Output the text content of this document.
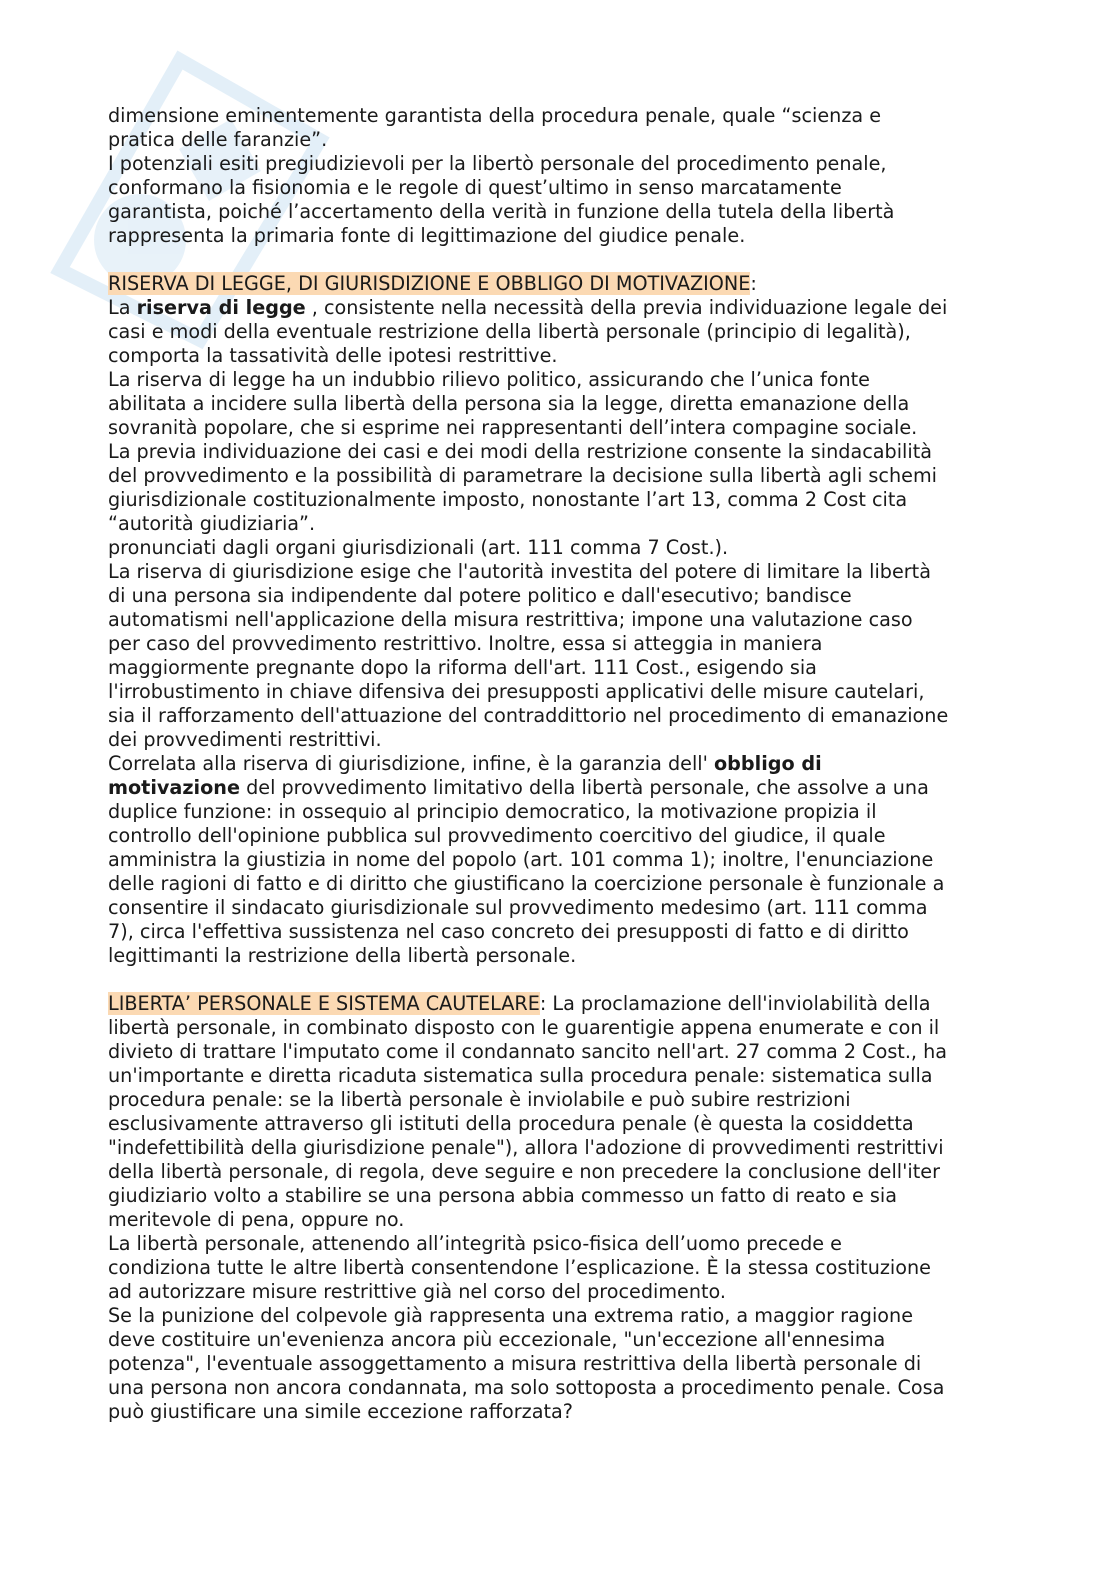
dimensione eminentemente garantista della procedura penale, quale “scienza e
pratica delle faranzie”.
I potenziali esiti pregiudizievoli per la libertò personale del procedimento penale,
conformano la fisionomia e le regole di quest’ultimo in senso marcatamente
garantista, poiché l’accertamento della verità in funzione della tutela della libertà
rappresenta la primaria fonte di legittimazione del giudice penale.
RISERVA DI LEGGE, DI GIURISDIZIONE E OBBLIGO DI MOTIVAZIONE:
La riserva di legge , consistente nella necessità della previa individuazione legale dei
casi e modi della eventuale restrizione della libertà personale (principio di legalità),
comporta la tassatività delle ipotesi restrittive.
La riserva di legge ha un indubbio rilievo politico, assicurando che l’unica fonte
abilitata a incidere sulla libertà della persona sia la legge, diretta emanazione della
sovranità popolare, che si esprime nei rappresentanti dell’intera compagine sociale.
La previa individuazione dei casi e dei modi della restrizione consente la sindacabilità
del provvedimento e la possibilità di parametrare la decisione sulla libertà agli schemi
giurisdizionale costituzionalmente imposto, nonostante l’art 13, comma 2 Cost cita
“autorità giudiziaria”.
pronunciati dagli organi giurisdizionali (art. 111 comma 7 Cost.).
La riserva di giurisdizione esige che l'autorità investita del potere di limitare la libertà
di una persona sia indipendente dal potere politico e dall'esecutivo; bandisce
automatismi nell'applicazione della misura restrittiva; impone una valutazione caso
per caso del provvedimento restrittivo. Inoltre, essa si atteggia in maniera
maggiormente pregnante dopo la riforma dell'art. 111 Cost., esigendo sia
l'irrobustimento in chiave difensiva dei presupposti applicativi delle misure cautelari,
sia il rafforzamento dell'attuazione del contraddittorio nel procedimento di emanazione
dei provvedimenti restrittivi.
Correlata alla riserva di giurisdizione, infine, è la garanzia dell' obbligo di
motivazione del provvedimento limitativo della libertà personale, che assolve a una
duplice funzione: in ossequio al principio democratico, la motivazione propizia il
controllo dell'opinione pubblica sul provvedimento coercitivo del giudice, il quale
amministra la giustizia in nome del popolo (art. 101 comma 1); inoltre, l'enunciazione
delle ragioni di fatto e di diritto che giustificano la coercizione personale è funzionale a
consentire il sindacato giurisdizionale sul provvedimento medesimo (art. 111 comma
7), circa l'effettiva sussistenza nel caso concreto dei presupposti di fatto e di diritto
legittimanti la restrizione della libertà personale.
LIBERTA’ PERSONALE E SISTEMA CAUTELARE: La proclamazione dell'inviolabilità della
libertà personale, in combinato disposto con le guarentigie appena enumerate e con il
divieto di trattare l'imputato come il condannato sancito nell'art. 27 comma 2 Cost., ha
un'importante e diretta ricaduta sistematica sulla procedura penale: sistematica sulla
procedura penale: se la libertà personale è inviolabile e può subire restrizioni
esclusivamente attraverso gli istituti della procedura penale (è questa la cosiddetta
"indefettibilità della giurisdizione penale"), allora l'adozione di provvedimenti restrittivi
della libertà personale, di regola, deve seguire e non precedere la conclusione dell'iter
giudiziario volto a stabilire se una persona abbia commesso un fatto di reato e sia
meritevole di pena, oppure no.
La libertà personale, attenendo all’integrità psico-fisica dell’uomo precede e
condiziona tutte le altre libertà consentendone l’esplicazione. È la stessa costituzione
ad autorizzare misure restrittive già nel corso del procedimento.
Se la punizione del colpevole già rappresenta una extrema ratio, a maggior ragione
deve costituire un'evenienza ancora più eccezionale, "un'eccezione all'ennesima
potenza", l'eventuale assoggettamento a misura restrittiva della libertà personale di
una persona non ancora condannata, ma solo sottoposta a procedimento penale. Cosa
può giustificare una simile eccezione rafforzata?
